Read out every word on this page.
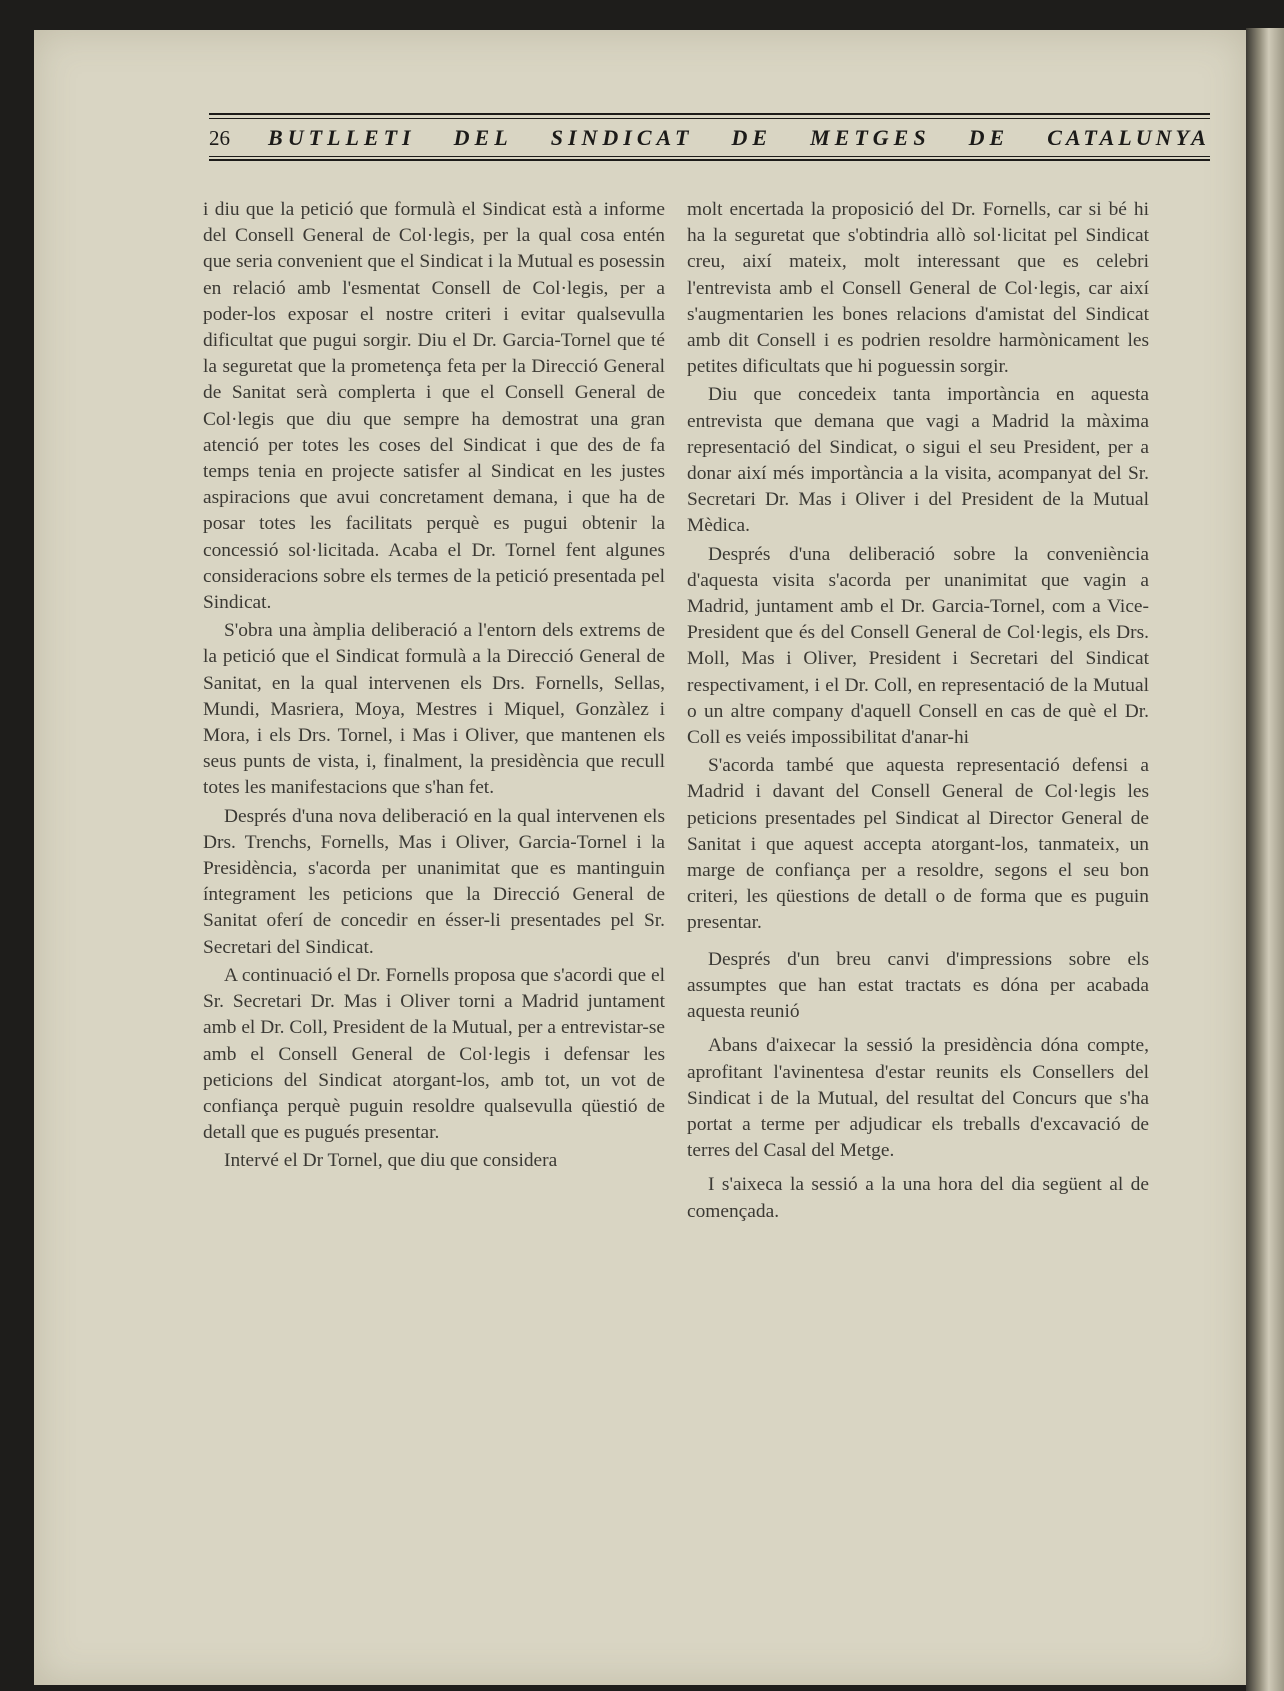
26 BUTLLETI DEL SINDICAT DE METGES DE CATALUNYA

i diu que la petició que formulà el Sindicat està a informe del Consell General de Col·legis, per la qual cosa entén que seria convenient que el Sindicat i la Mutual es posessin en relació amb l'esmentat Consell de Col·legis, per a poder-los exposar el nostre criteri i evitar qualsevulla dificultat que pugui sorgir. Diu el Dr. Garcia-Tornel que té la seguretat que la prometença feta per la Direcció General de Sanitat serà complerta i que el Consell General de Col·legis que diu que sempre ha demostrat una gran atenció per totes les coses del Sindicat i que des de fa temps tenia en projecte satisfer al Sindicat en les justes aspiracions que avui concretament demana, i que ha de posar totes les facilitats perquè es pugui obtenir la concessió sol·licitada. Acaba el Dr. Tornel fent algunes consideracions sobre els termes de la petició presentada pel Sindicat.

S'obra una àmplia deliberació a l'entorn dels extrems de la petició que el Sindicat formulà a la Direcció General de Sanitat, en la qual intervenen els Drs. Fornells, Sellas, Mundi, Masriera, Moya, Mestres i Miquel, Gonzàlez i Mora, i els Drs. Tornel, i Mas i Oliver, que mantenen els seus punts de vista, i, finalment, la presidència que recull totes les manifestacions que s'han fet.

Després d'una nova deliberació en la qual intervenen els Drs. Trenchs, Fornells, Mas i Oliver, Garcia-Tornel i la Presidència, s'acorda per unanimitat que es mantinguin íntegrament les peticions que la Direcció General de Sanitat oferí de concedir en ésser-li presentades pel Sr. Secretari del Sindicat.

A continuació el Dr. Fornells proposa que s'acordi que el Sr. Secretari Dr. Mas i Oliver torni a Madrid juntament amb el Dr. Coll, President de la Mutual, per a entrevistar-se amb el Consell General de Col·legis i defensar les peticions del Sindicat atorgant-los, amb tot, un vot de confiança perquè puguin resoldre qualsevulla qüestió de detall que es pugués presentar.

Intervé el Dr Tornel, que diu que considera

molt encertada la proposició del Dr. Fornells, car si bé hi ha la seguretat que s'obtindria allò sol·licitat pel Sindicat creu, així mateix, molt interessant que es celebri l'entrevista amb el Consell General de Col·legis, car així s'augmentarien les bones relacions d'amistat del Sindicat amb dit Consell i es podrien resoldre harmònicament les petites dificultats que hi poguessin sorgir.

Diu que concedeix tanta importància en aquesta entrevista que demana que vagi a Madrid la màxima representació del Sindicat, o sigui el seu President, per a donar així més importància a la visita, acompanyat del Sr. Secretari Dr. Mas i Oliver i del President de la Mutual Mèdica.

Després d'una deliberació sobre la conveniència d'aquesta visita s'acorda per unanimitat que vagin a Madrid, juntament amb el Dr. Garcia-Tornel, com a Vice-President que és del Consell General de Col·legis, els Drs. Moll, Mas i Oliver, President i Secretari del Sindicat respectivament, i el Dr. Coll, en representació de la Mutual o un altre company d'aquell Consell en cas de què el Dr. Coll es veiés impossibilitat d'anar-hi

S'acorda també que aquesta representació defensi a Madrid i davant del Consell General de Col·legis les peticions presentades pel Sindicat al Director General de Sanitat i que aquest accepta atorgant-los, tanmateix, un marge de confiança per a resoldre, segons el seu bon criteri, les qüestions de detall o de forma que es puguin presentar.

Després d'un breu canvi d'impressions sobre els assumptes que han estat tractats es dóna per acabada aquesta reunió

Abans d'aixecar la sessió la presidència dóna compte, aprofitant l'avinentesa d'estar reunits els Consellers del Sindicat i de la Mutual, del resultat del Concurs que s'ha portat a terme per adjudicar els treballs d'excavació de terres del Casal del Metge.

I s'aixeca la sessió a la una hora del dia següent al de començada.
